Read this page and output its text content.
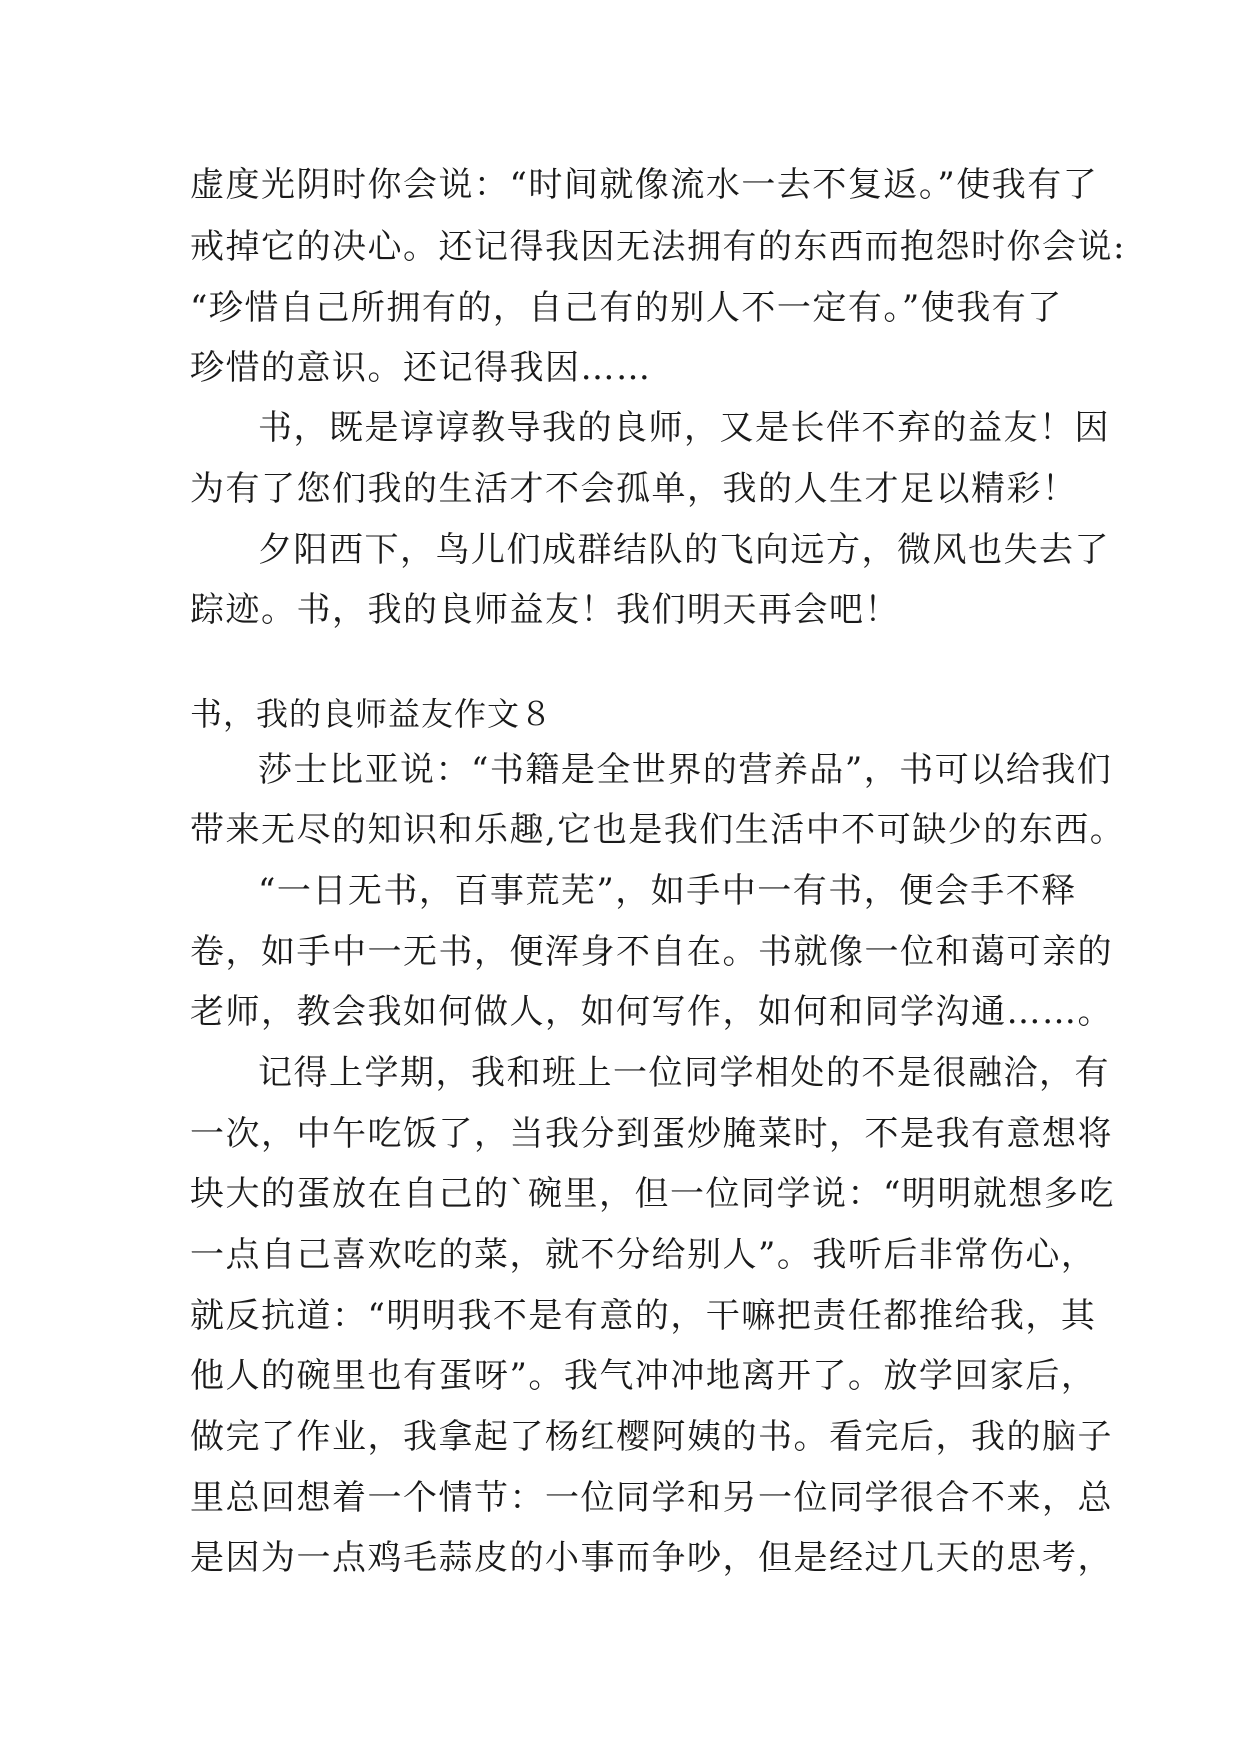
虚度光阴时你会说：“时间就像流水一去不复返。”使我有了
戒掉它的决心。还记得我因无法拥有的东西而抱怨时你会说:
“珍惜自己所拥有的，自己有的别人不一定有。”使我有了
珍惜的意识。还记得我因……
书，既是谆谆教导我的良师，又是长伴不弃的益友！因
为有了您们我的生活才不会孤单，我的人生才足以精彩！
夕阳西下，鸟儿们成群结队的飞向远方，微风也失去了
踪迹。书，我的良师益友！我们明天再会吧！
书，我的良师益友作文８
莎士比亚说：“书籍是全世界的营养品”，书可以给我们
带来无尽的知识和乐趣,它也是我们生活中不可缺少的东西。
“一日无书，百事荒芜”，如手中一有书，便会手不释
卷，如手中一无书，便浑身不自在。书就像一位和蔼可亲的
老师，教会我如何做人，如何写作，如何和同学沟通……。
记得上学期，我和班上一位同学相处的不是很融洽，有
一次，中午吃饭了，当我分到蛋炒腌菜时，不是我有意想将
块大的蛋放在自己的`碗里，但一位同学说：“明明就想多吃
一点自己喜欢吃的菜，就不分给别人”。我听后非常伤心，
就反抗道：“明明我不是有意的，干嘛把责任都推给我，其
他人的碗里也有蛋呀”。我气冲冲地离开了。放学回家后，
做完了作业，我拿起了杨红樱阿姨的书。看完后，我的脑子
里总回想着一个情节：一位同学和另一位同学很合不来，总
是因为一点鸡毛蒜皮的小事而争吵，但是经过几天的思考，
